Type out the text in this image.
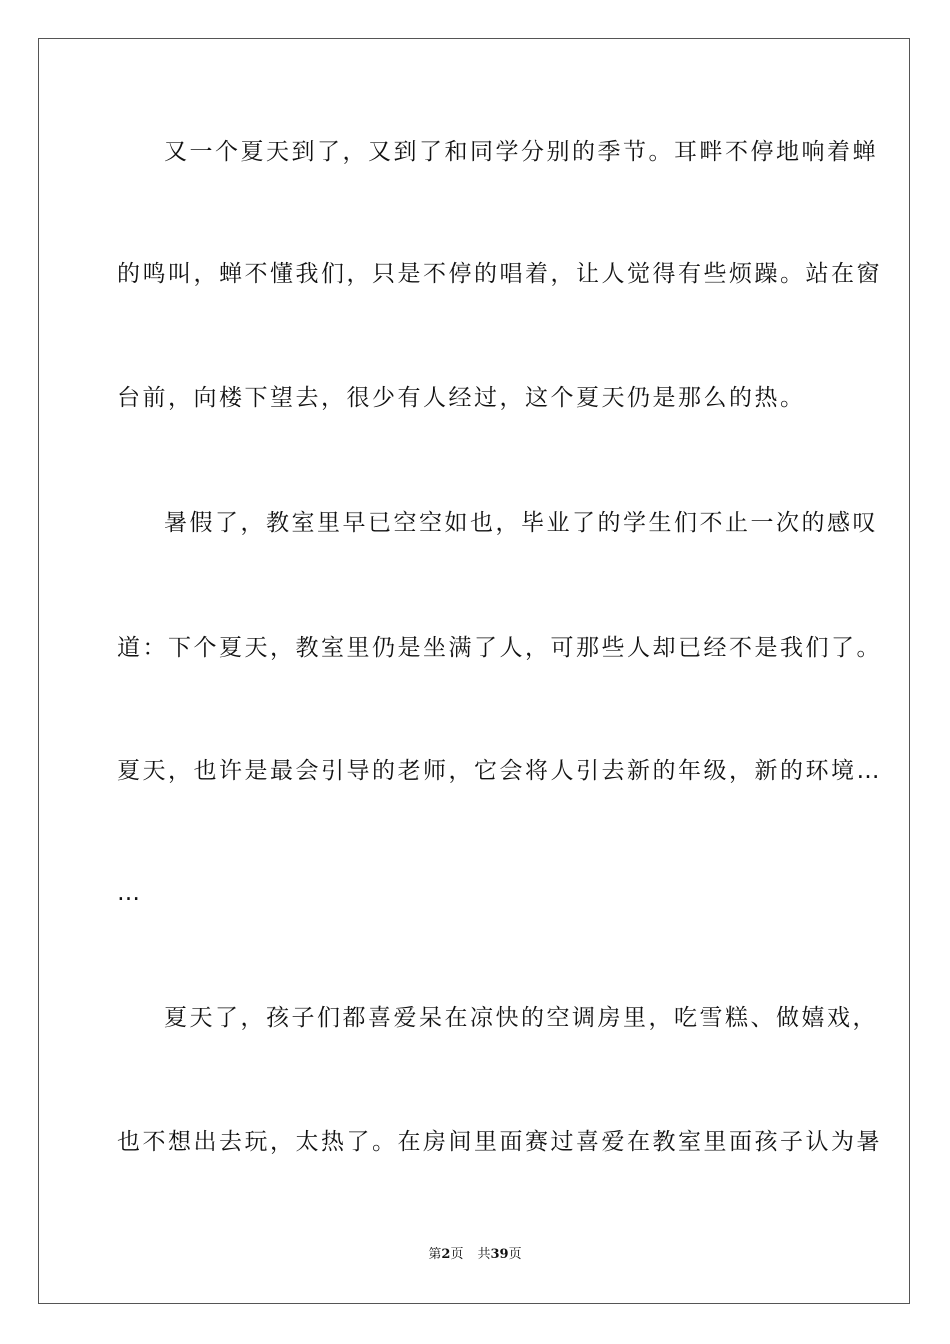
又一个夏天到了，又到了和同学分别的季节。耳畔不停地响着蝉
的鸣叫，蝉不懂我们，只是不停的唱着，让人觉得有些烦躁。站在窗
台前，向楼下望去，很少有人经过，这个夏天仍是那么的热。
暑假了，教室里早已空空如也，毕业了的学生们不止一次的感叹
道：下个夏天，教室里仍是坐满了人，可那些人却已经不是我们了。
夏天，也许是最会引导的老师，它会将人引去新的年级，新的环境…
…
夏天了，孩子们都喜爱呆在凉快的空调房里，吃雪糕、做嬉戏，
也不想出去玩，太热了。在房间里面赛过喜爱在教室里面孩子认为暑
第2页 共39页
